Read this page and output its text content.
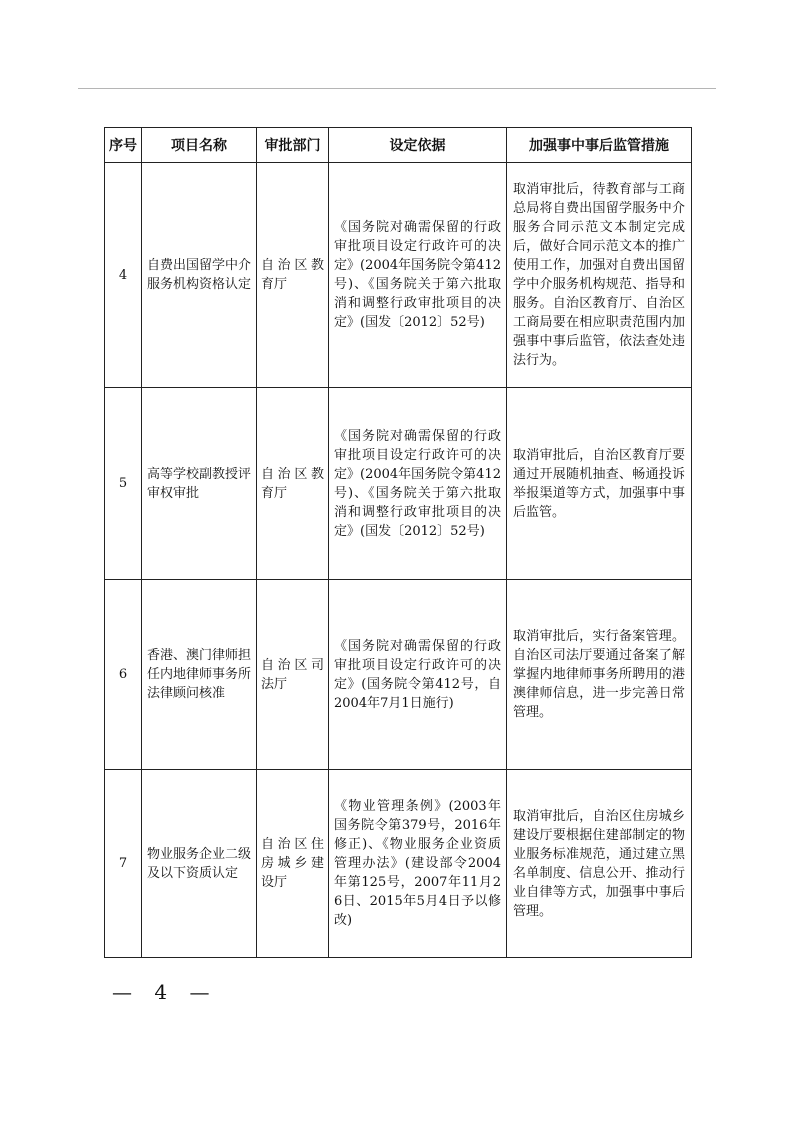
序号	项目名称	审批部门	设定依据	加强事中事后监管措施
4	自费出国留学中介服务机构资格认定	自治区教育厅	《国务院对确需保留的行政审批项目设定行政许可的决定》(2004年国务院令第412号)、《国务院关于第六批取消和调整行政审批项目的决定》(国发〔2012〕52号)	取消审批后，待教育部与工商总局将自费出国留学服务中介服务合同示范文本制定完成后，做好合同示范文本的推广使用工作，加强对自费出国留学中介服务机构规范、指导和服务。自治区教育厅、自治区工商局要在相应职责范围内加强事中事后监管，依法查处违法行为。
5	高等学校副教授评审权审批	自治区教育厅	《国务院对确需保留的行政审批项目设定行政许可的决定》(2004年国务院令第412号)、《国务院关于第六批取消和调整行政审批项目的决定》(国发〔2012〕52号)	取消审批后，自治区教育厅要通过开展随机抽查、畅通投诉举报渠道等方式，加强事中事后监管。
6	香港、澳门律师担任内地律师事务所法律顾问核准	自治区司法厅	《国务院对确需保留的行政审批项目设定行政许可的决定》(国务院令第412号，自2004年7月1日施行)	取消审批后，实行备案管理。自治区司法厅要通过备案了解掌握内地律师事务所聘用的港澳律师信息，进一步完善日常管理。
7	物业服务企业二级及以下资质认定	自治区住房城乡建设厅	《物业管理条例》(2003年国务院令第379号，2016年修正)、《物业服务企业资质管理办法》(建设部令2004年第125号，2007年11月26日、2015年5月4日予以修改)	取消审批后，自治区住房城乡建设厅要根据住建部制定的物业服务标准规范，通过建立黑名单制度、信息公开、推动行业自律等方式，加强事中事后管理。
— 4 —
